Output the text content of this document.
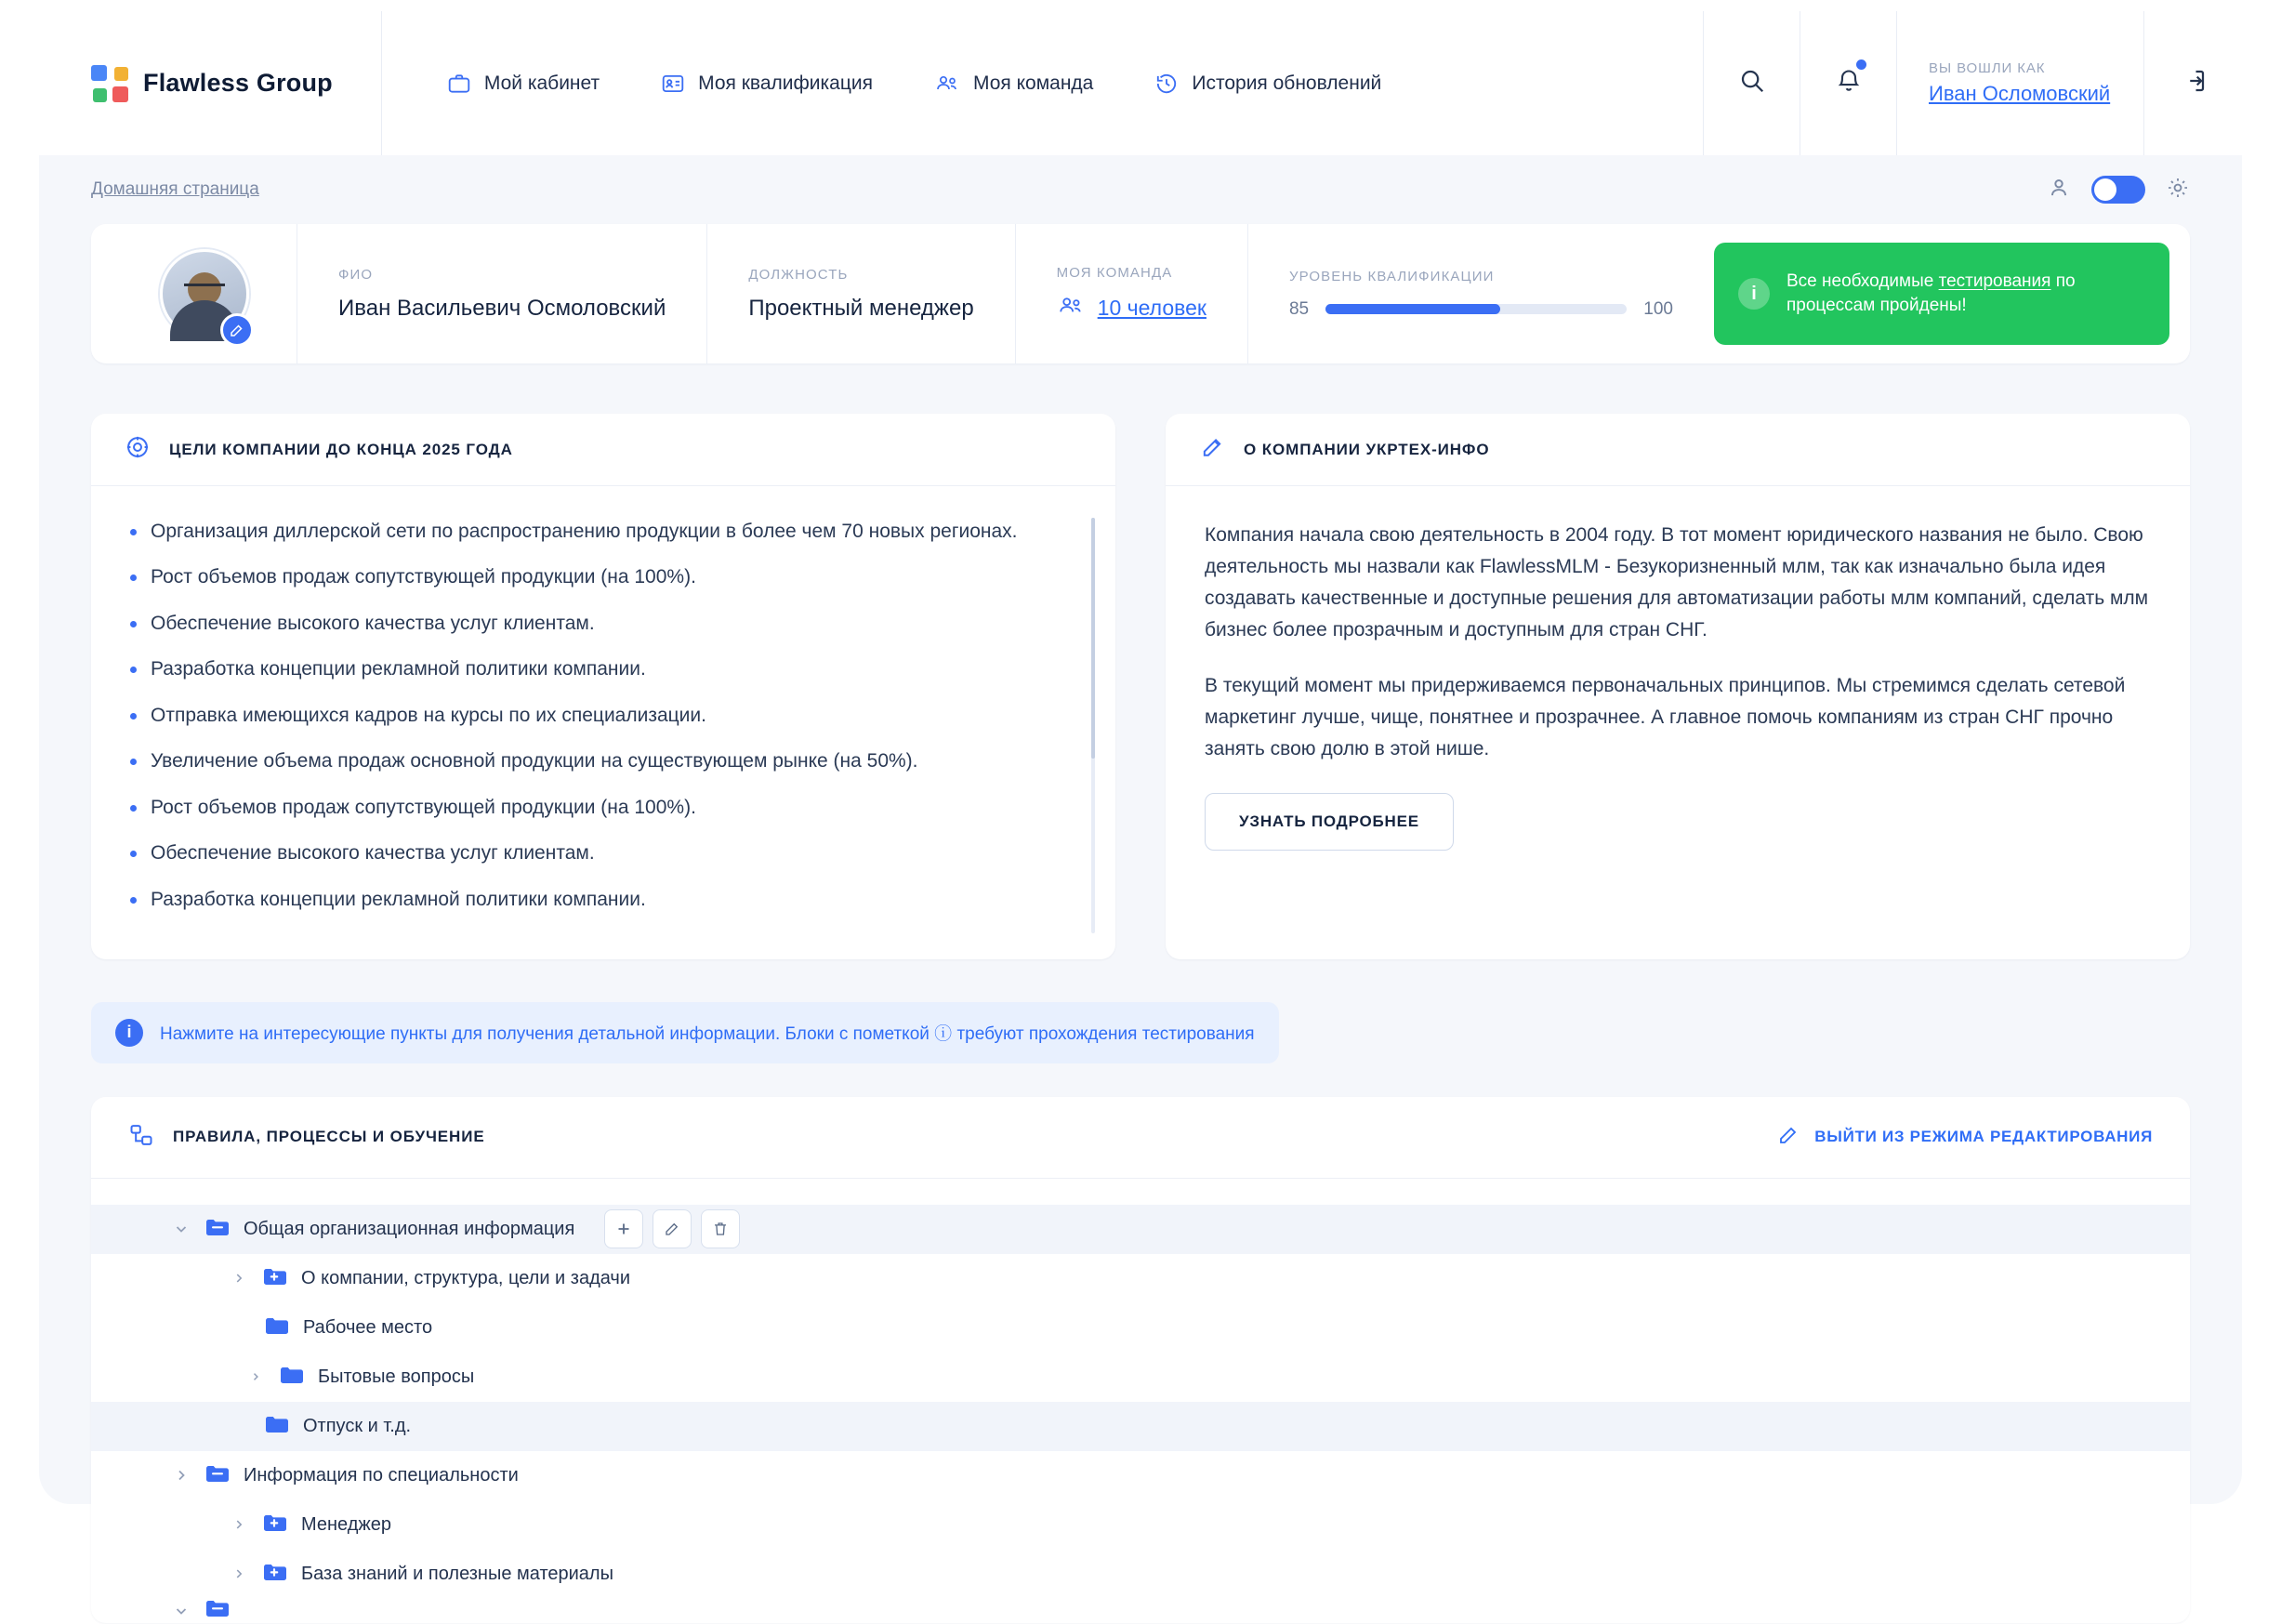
Flawless Group	Мой кабинет	Моя квалификация	Моя команда	История обновлений
ВЫ ВОШЛИ КАК
Иван Осломовский
Домашняя страница
ФИО
Иван Васильевич Осмоловский
ДОЛЖНОСТЬ
Проектный менеджер
МОЯ КОМАНДА
10 человек
УРОВЕНЬ КВАЛИФИКАЦИИ
85	100
i
Все необходимые тестирования по процессам пройдены!
ЦЕЛИ КОМПАНИИ ДО КОНЦА 2025 ГОДА
Организация диллерской сети по распространению продукции в более чем 70 новых регионах.
Рост объемов продаж сопутствующей продукции (на 100%).
Обеспечение высокого качества услуг клиентам.
Разработка концепции рекламной политики компании.
Отправка имеющихся кадров на курсы по их специализации.
Увеличение объема продаж основной продукции на существующем рынке (на 50%).
Рост объемов продаж сопутствующей продукции (на 100%).
Обеспечение высокого качества услуг клиентам.
Разработка концепции рекламной политики компании.
О КОМПАНИИ УКРТЕХ-ИНФО

Компания начала свою деятельность в 2004 году. В тот момент юридического названия не было. Свою деятельность мы назвали как FlawlessMLM - Безукоризненный млм, так как изначально была идея создавать качественные и доступные решения для автоматизации работы млм компаний, сделать млм бизнес более прозрачным и доступным для стран СНГ.

В текущий момент мы придерживаемся первоначальных принципов. Мы стремимся сделать сетевой маркетинг лучше, чище, понятнее и прозрачнее. А главное помочь компаниям из стран СНГ прочно занять свою долю в этой нише.

УЗНАТЬ ПОДРОБНЕЕ
i	Нажмите на интересующие пункты для получения детальной информации. Блоки с пометкой ⓘ требуют прохождения тестирования
ПРАВИЛА, ПРОЦЕССЫ И ОБУЧЕНИЕ	ВЫЙТИ ИЗ РЕЖИМА РЕДАКТИРОВАНИЯ
Общая организационная информация
О компании, структура, цели и задачи
Рабочее место
Бытовые вопросы
Отпуск и т.д.
Информация по специальности
Менеджер
База знаний и полезные материалы
